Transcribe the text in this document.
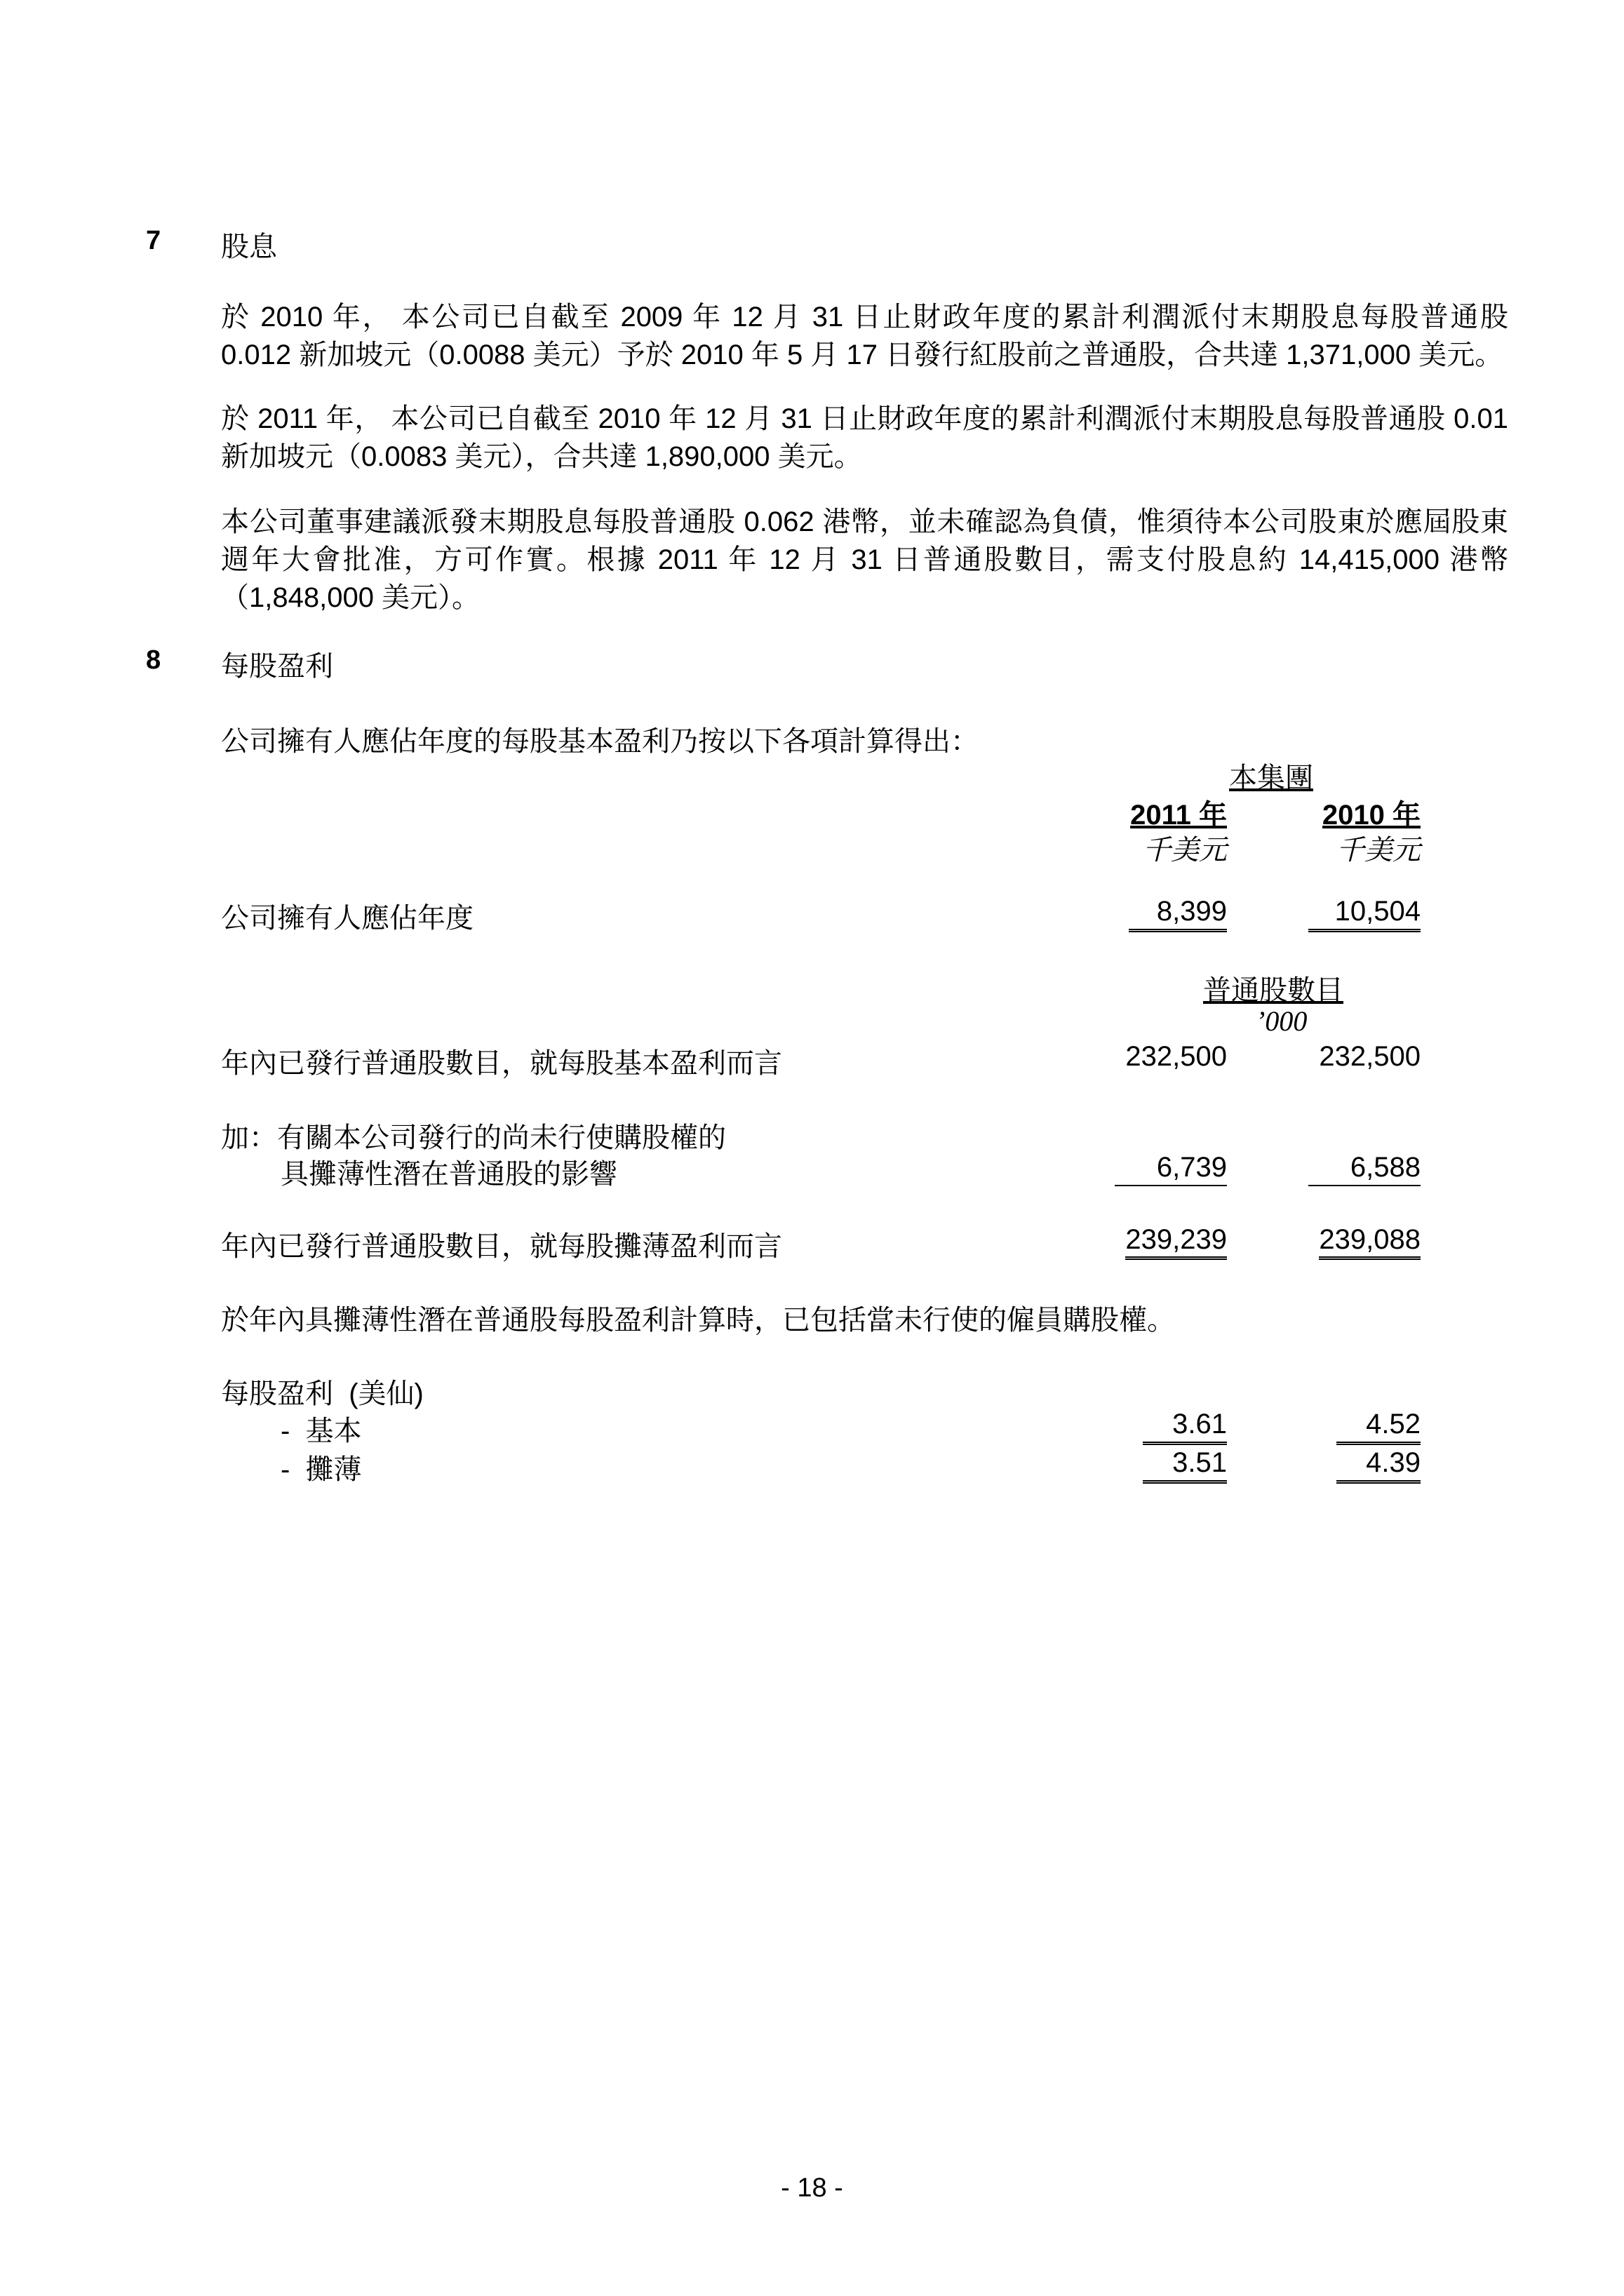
7 股息
於 2010 年， 本公司已自截至 2009 年 12 月 31 日止財政年度的累計利潤派付末期股息每股普通股 0.012 新加坡元（0.0088 美元）予於 2010 年 5 月 17 日發行紅股前之普通股，合共達 1,371,000 美元。
於 2011 年， 本公司已自截至 2010 年 12 月 31 日止財政年度的累計利潤派付末期股息每股普通股 0.01 新加坡元（0.0083 美元），合共達 1,890,000 美元。
本公司董事建議派發末期股息每股普通股 0.062 港幣，並未確認為負債，惟須待本公司股東於應屆股東週年大會批准，方可作實。根據 2011 年 12 月 31 日普通股數目，需支付股息約 14,415,000 港幣（1,848,000 美元）。
8 每股盈利
公司擁有人應佔年度的每股基本盈利乃按以下各項計算得出：
本集團
2011 年	2010 年
千美元	千美元
公司擁有人應佔年度	8,399	10,504
普通股數目
’000
年內已發行普通股數目，就每股基本盈利而言	232,500	232,500
加：有關本公司發行的尚未行使購股權的
具攤薄性潛在普通股的影響	6,739	6,588
年內已發行普通股數目，就每股攤薄盈利而言	239,239	239,088
於年內具攤薄性潛在普通股每股盈利計算時，已包括當未行使的僱員購股權。
每股盈利  (美仙)
-  基本	3.61	4.52
-  攤薄	3.51	4.39
- 18 -
